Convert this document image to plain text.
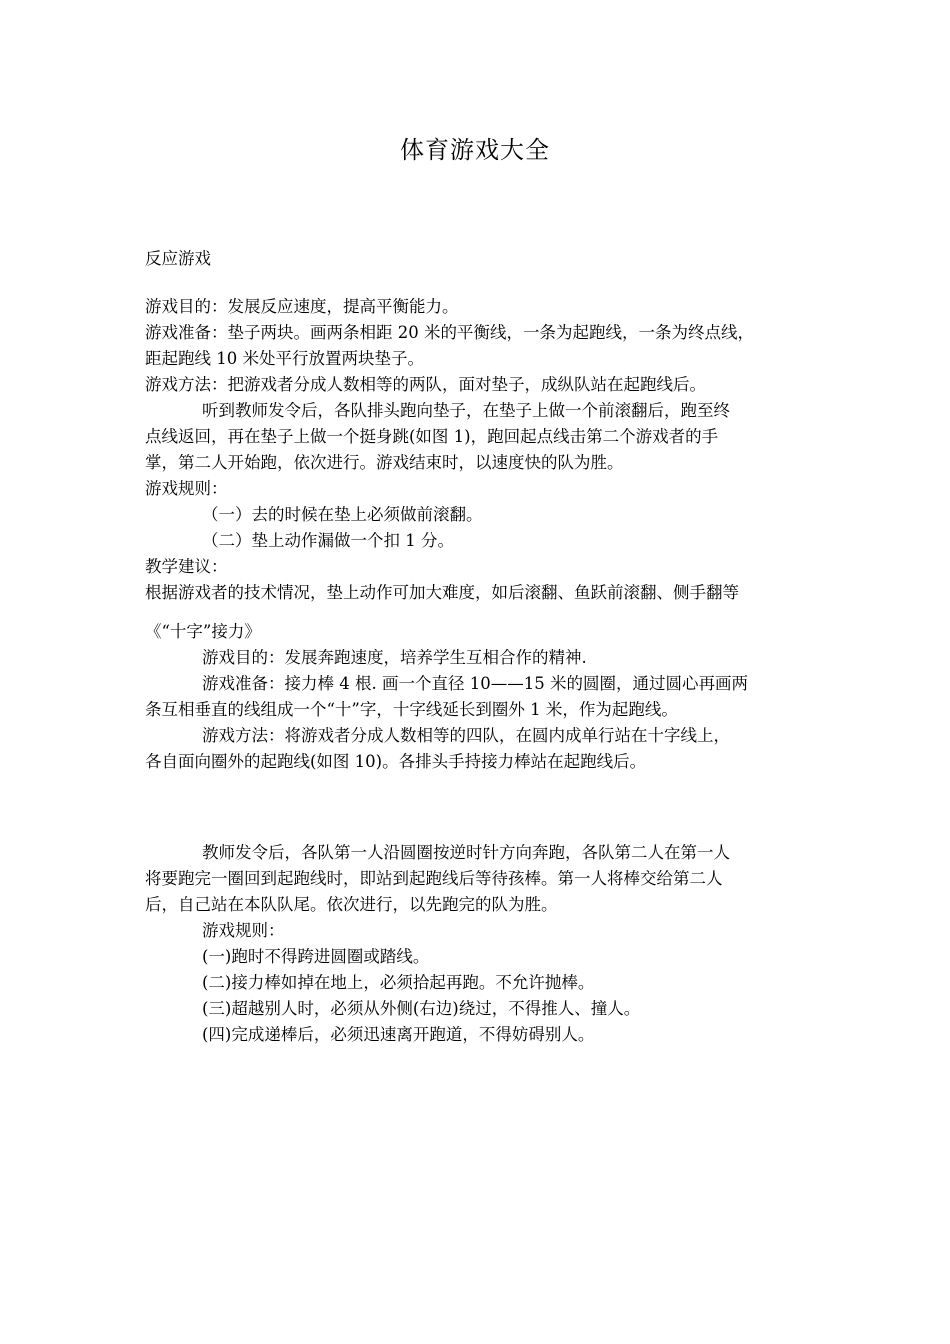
体育游戏大全
反应游戏
游戏目的：发展反应速度，提高平衡能力。
游戏准备：垫子两块。画两条相距 20 米的平衡线，一条为起跑线，一条为终点线，
距起跑线 10 米处平行放置两块垫子。
游戏方法：把游戏者分成人数相等的两队，面对垫子，成纵队站在起跑线后。
听到教师发令后，各队排头跑向垫子，在垫子上做一个前滚翻后，跑至终
点线返回，再在垫子上做一个挺身跳(如图 1)，跑回起点线击第二个游戏者的手
掌，第二人开始跑，依次进行。游戏结束时，以速度快的队为胜。
游戏规则：
（一）去的时候在垫上必须做前滚翻。
（二）垫上动作漏做一个扣 1 分。
教学建议：
根据游戏者的技术情况，垫上动作可加大难度，如后滚翻、鱼跃前滚翻、侧手翻等
《“十字”接力》
游戏目的：发展奔跑速度，培养学生互相合作的精神.
游戏准备：接力棒 4 根. 画一个直径 10——15 米的圆圈，通过圆心再画两
条互相垂直的线组成一个“十”字，十字线延长到圈外 1 米，作为起跑线。
游戏方法：将游戏者分成人数相等的四队，在圆内成单行站在十字线上，
各自面向圈外的起跑线(如图 10)。各排头手持接力棒站在起跑线后。
教师发令后，各队第一人沿圆圈按逆时针方向奔跑，各队第二人在第一人
将要跑完一圈回到起跑线时，即站到起跑线后等待孩棒。第一人将棒交给第二人
后，自己站在本队队尾。依次进行，以先跑完的队为胜。
游戏规则：
(一)跑时不得跨进圆圈或踏线。
(二)接力棒如掉在地上，必须拾起再跑。不允许抛棒。
(三)超越别人时，必须从外侧(右边)绕过，不得推人、撞人。
(四)完成递棒后，必须迅速离开跑道，不得妨碍别人。
